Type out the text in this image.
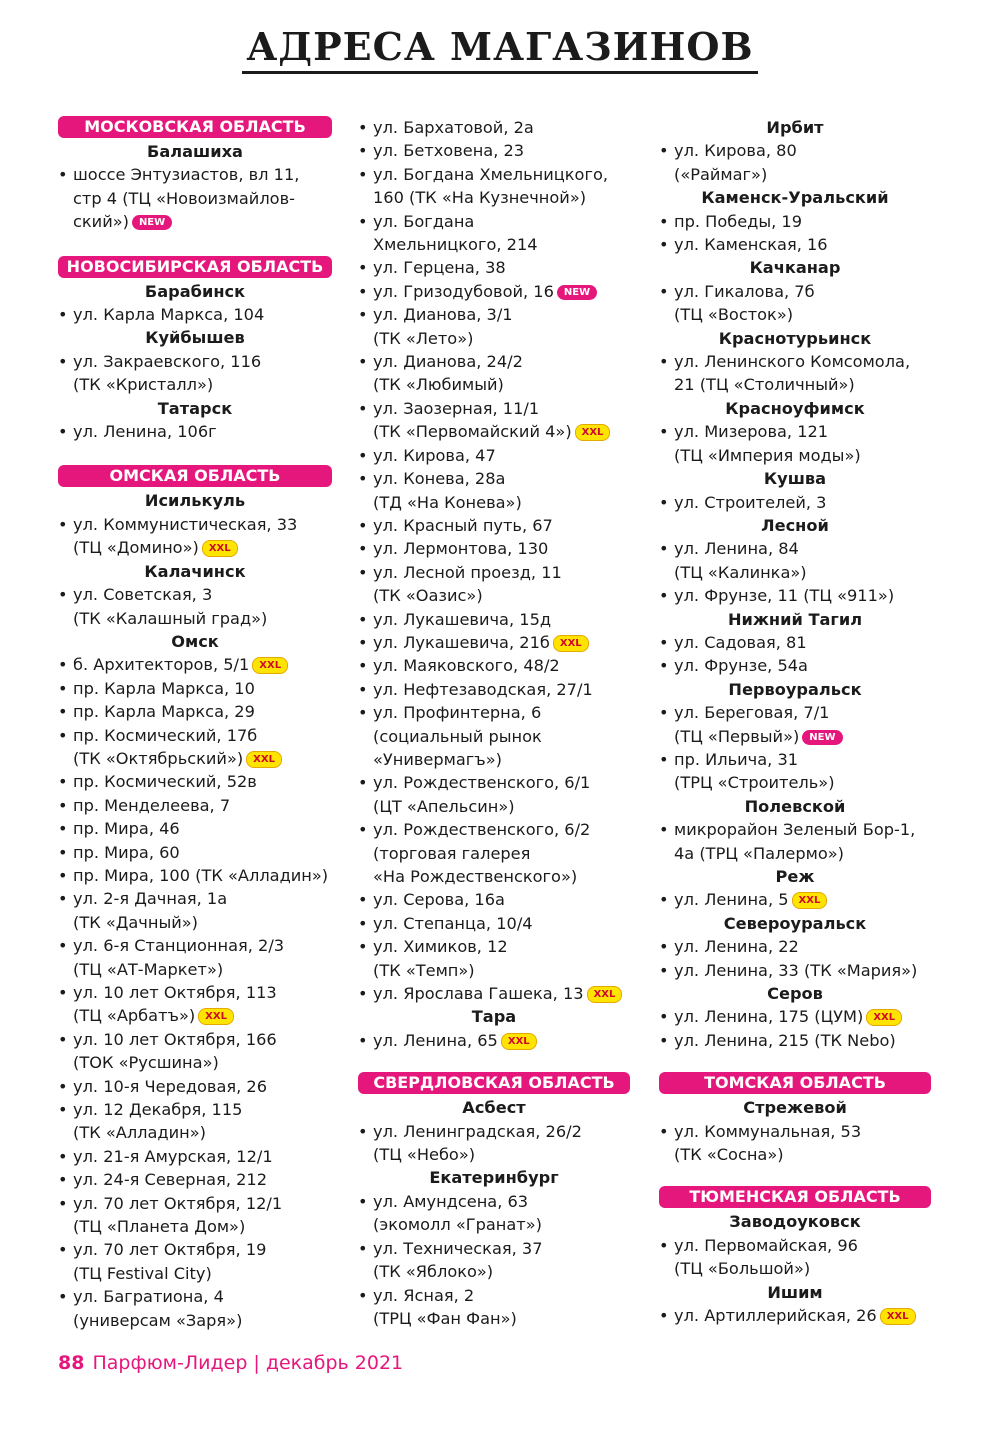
АДРЕСА МАГАЗИНОВ
МОСКОВСКАЯ ОБЛАСТЬ
Балашиха
• шоссе Энтузиастов, вл 11,
стр 4 (ТЦ «Новоизмайлов-
ский») NEW
НОВОСИБИРСКАЯ ОБЛАСТЬ
Барабинск
• ул. Карла Маркса, 104
Куйбышев
• ул. Закраевского, 116
(ТК «Кристалл»)
Татарск
• ул. Ленина, 106г
ОМСКАЯ ОБЛАСТЬ
Исилькуль
• ул. Коммунистическая, 33
(ТЦ «Домино») XXL
Калачинск
• ул. Советская, 3
(ТК «Калашный град»)
Омск
• б. Архитекторов, 5/1 XXL
• пр. Карла Маркса, 10
• пр. Карла Маркса, 29
• пр. Космический, 17б
(ТК «Октябрьский») XXL
• пр. Космический, 52в
• пр. Менделеева, 7
• пр. Мира, 46
• пр. Мира, 60
• пр. Мира, 100 (ТК «Алладин»)
• ул. 2-я Дачная, 1а
(ТК «Дачный»)
• ул. 6-я Станционная, 2/3
(ТЦ «АТ-Маркет»)
• ул. 10 лет Октября, 113
(ТЦ «Арбатъ») XXL
• ул. 10 лет Октября, 166
(ТОК «Русшина»)
• ул. 10-я Чередовая, 26
• ул. 12 Декабря, 115
(ТК «Алладин»)
• ул. 21-я Амурская, 12/1
• ул. 24-я Северная, 212
• ул. 70 лет Октября, 12/1
(ТЦ «Планета Дом»)
• ул. 70 лет Октября, 19
(ТЦ Festival City)
• ул. Багратиона, 4
(универсам «Заря»)
• ул. Бархатовой, 2а
• ул. Бетховена, 23
• ул. Богдана Хмельницкого,
160 (ТК «На Кузнечной»)
• ул. Богдана
Хмельницкого, 214
• ул. Герцена, 38
• ул. Гризодубовой, 16 NEW
• ул. Дианова, 3/1
(ТК «Лето»)
• ул. Дианова, 24/2
(ТК «Любимый)
• ул. Заозерная, 11/1
(ТК «Первомайский 4») XXL
• ул. Кирова, 47
• ул. Конева, 28а
(ТД «На Конева»)
• ул. Красный путь, 67
• ул. Лермонтова, 130
• ул. Лесной проезд, 11
(ТК «Оазис»)
• ул. Лукашевича, 15д
• ул. Лукашевича, 21б XXL
• ул. Маяковского, 48/2
• ул. Нефтезаводская, 27/1
• ул. Профинтерна, 6
(социальный рынок
«Универмагъ»)
• ул. Рождественского, 6/1
(ЦТ «Апельсин»)
• ул. Рождественского, 6/2
(торговая галерея
«На Рождественского»)
• ул. Серова, 16а
• ул. Степанца, 10/4
• ул. Химиков, 12
(ТК «Темп»)
• ул. Ярослава Гашека, 13 XXL
Тара
• ул. Ленина, 65 XXL
СВЕРДЛОВСКАЯ ОБЛАСТЬ
Асбест
• ул. Ленинградская, 26/2
(ТЦ «Небо»)
Екатеринбург
• ул. Амундсена, 63
(экомолл «Гранат»)
• ул. Техническая, 37
(ТК «Яблоко»)
• ул. Ясная, 2
(ТРЦ «Фан Фан»)
Ирбит
• ул. Кирова, 80
(«Раймаг»)
Каменск-Уральский
• пр. Победы, 19
• ул. Каменская, 16
Качканар
• ул. Гикалова, 7б
(ТЦ «Восток»)
Краснотурьинск
• ул. Ленинского Комсомола,
21 (ТЦ «Столичный»)
Красноуфимск
• ул. Мизерова, 121
(ТЦ «Империя моды»)
Кушва
• ул. Строителей, 3
Лесной
• ул. Ленина, 84
(ТЦ «Калинка»)
• ул. Фрунзе, 11 (ТЦ «911»)
Нижний Тагил
• ул. Садовая, 81
• ул. Фрунзе, 54а
Первоуральск
• ул. Береговая, 7/1
(ТЦ «Первый») NEW
• пр. Ильича, 31
(ТРЦ «Строитель»)
Полевской
• микрорайон Зеленый Бор-1,
4а (ТРЦ «Палермо»)
Реж
• ул. Ленина, 5 XXL
Североуральск
• ул. Ленина, 22
• ул. Ленина, 33 (ТК «Мария»)
Серов
• ул. Ленина, 175 (ЦУМ) XXL
• ул. Ленина, 215 (ТК Nebo)
ТОМСКАЯ ОБЛАСТЬ
Стрежевой
• ул. Коммунальная, 53
(ТК «Сосна»)
ТЮМЕНСКАЯ ОБЛАСТЬ
Заводоуковск
• ул. Первомайская, 96
(ТЦ «Большой»)
Ишим
• ул. Артиллерийская, 26 XXL
88 Парфюм-Лидер | декабрь 2021
